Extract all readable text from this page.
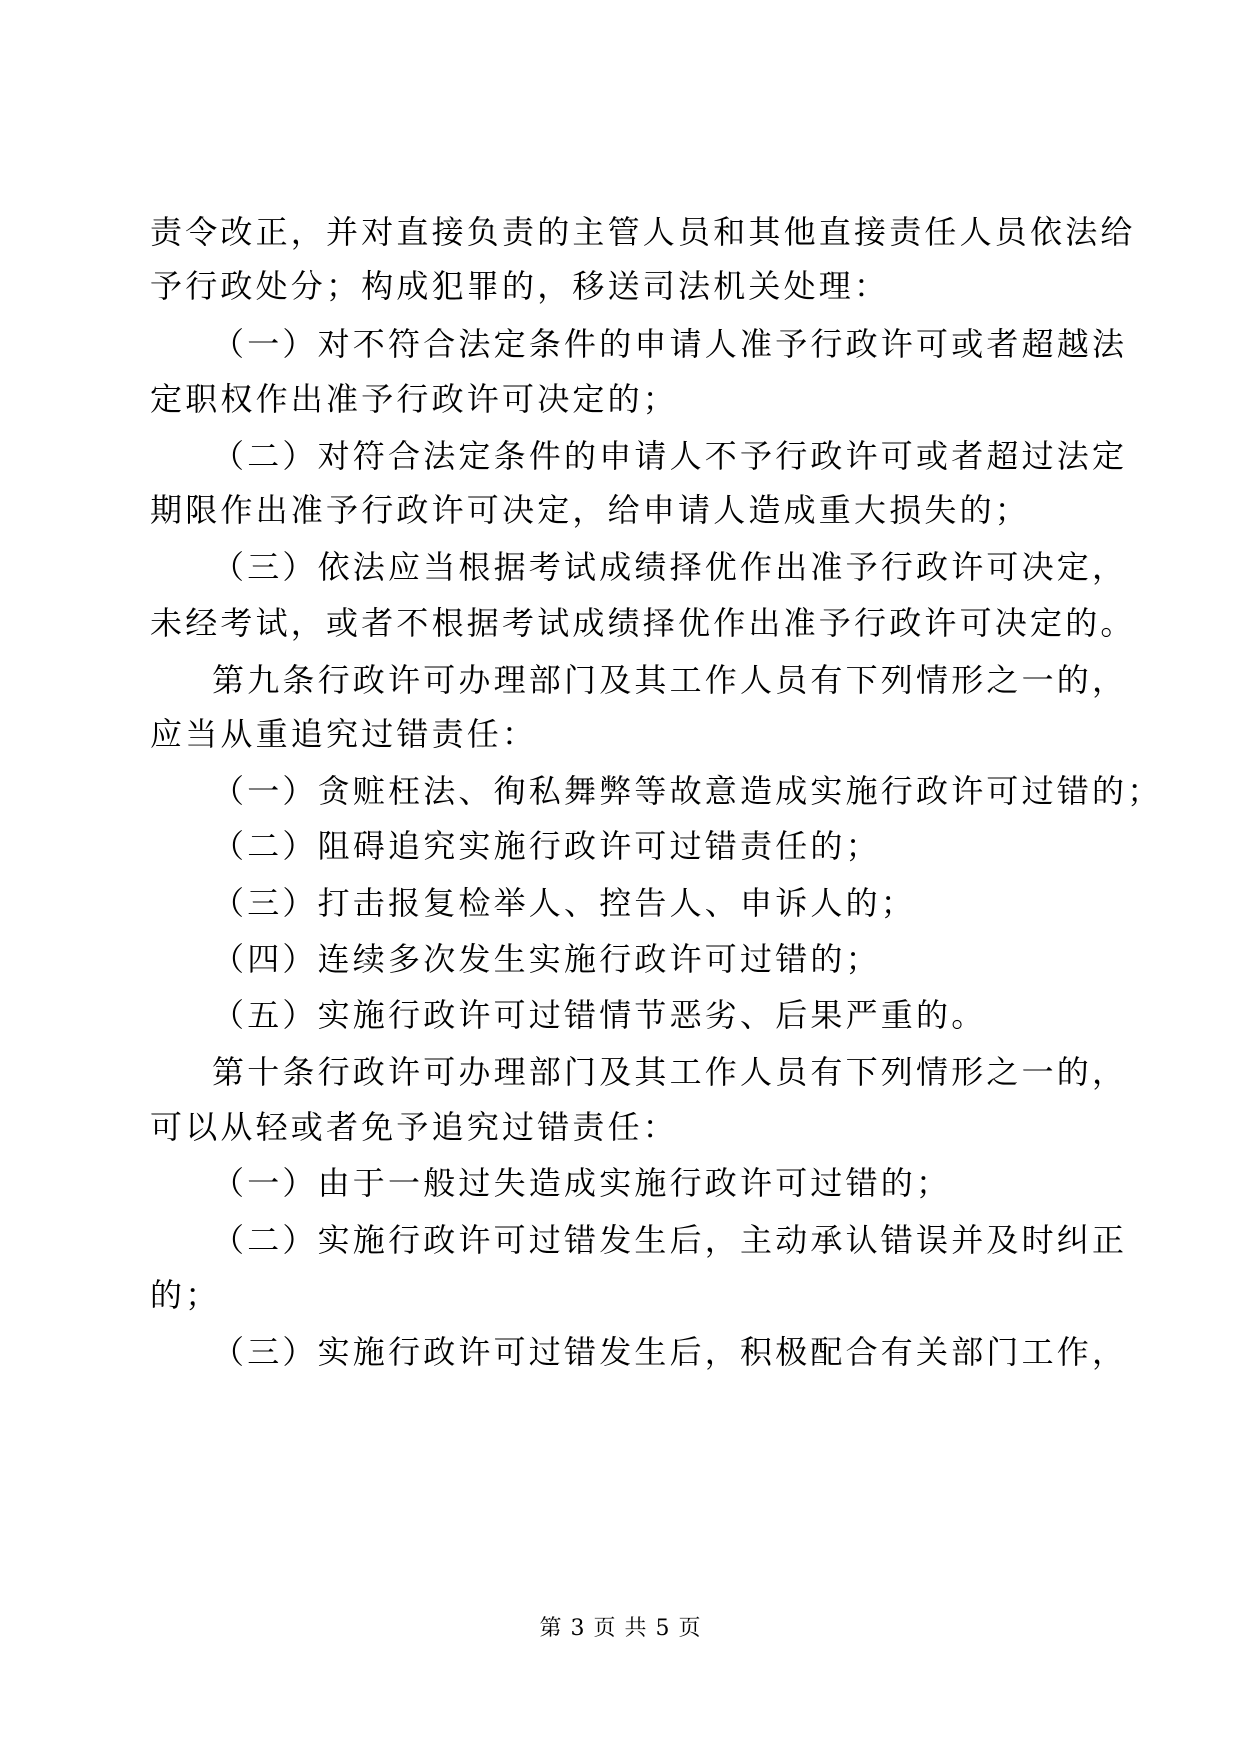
责令改正，并对直接负责的主管人员和其他直接责任人员依法给
予行政处分；构成犯罪的，移送司法机关处理：
（一）对不符合法定条件的申请人准予行政许可或者超越法
定职权作出准予行政许可决定的；
（二）对符合法定条件的申请人不予行政许可或者超过法定
期限作出准予行政许可决定，给申请人造成重大损失的；
（三）依法应当根据考试成绩择优作出准予行政许可决定，
未经考试，或者不根据考试成绩择优作出准予行政许可决定的。
第九条行政许可办理部门及其工作人员有下列情形之一的，
应当从重追究过错责任：
（一）贪赃枉法、徇私舞弊等故意造成实施行政许可过错的；
（二）阻碍追究实施行政许可过错责任的；
（三）打击报复检举人、控告人、申诉人的；
（四）连续多次发生实施行政许可过错的；
（五）实施行政许可过错情节恶劣、后果严重的。
第十条行政许可办理部门及其工作人员有下列情形之一的，
可以从轻或者免予追究过错责任：
（一）由于一般过失造成实施行政许可过错的；
（二）实施行政许可过错发生后，主动承认错误并及时纠正
的；
（三）实施行政许可过错发生后，积极配合有关部门工作，
第 3 页 共 5 页
